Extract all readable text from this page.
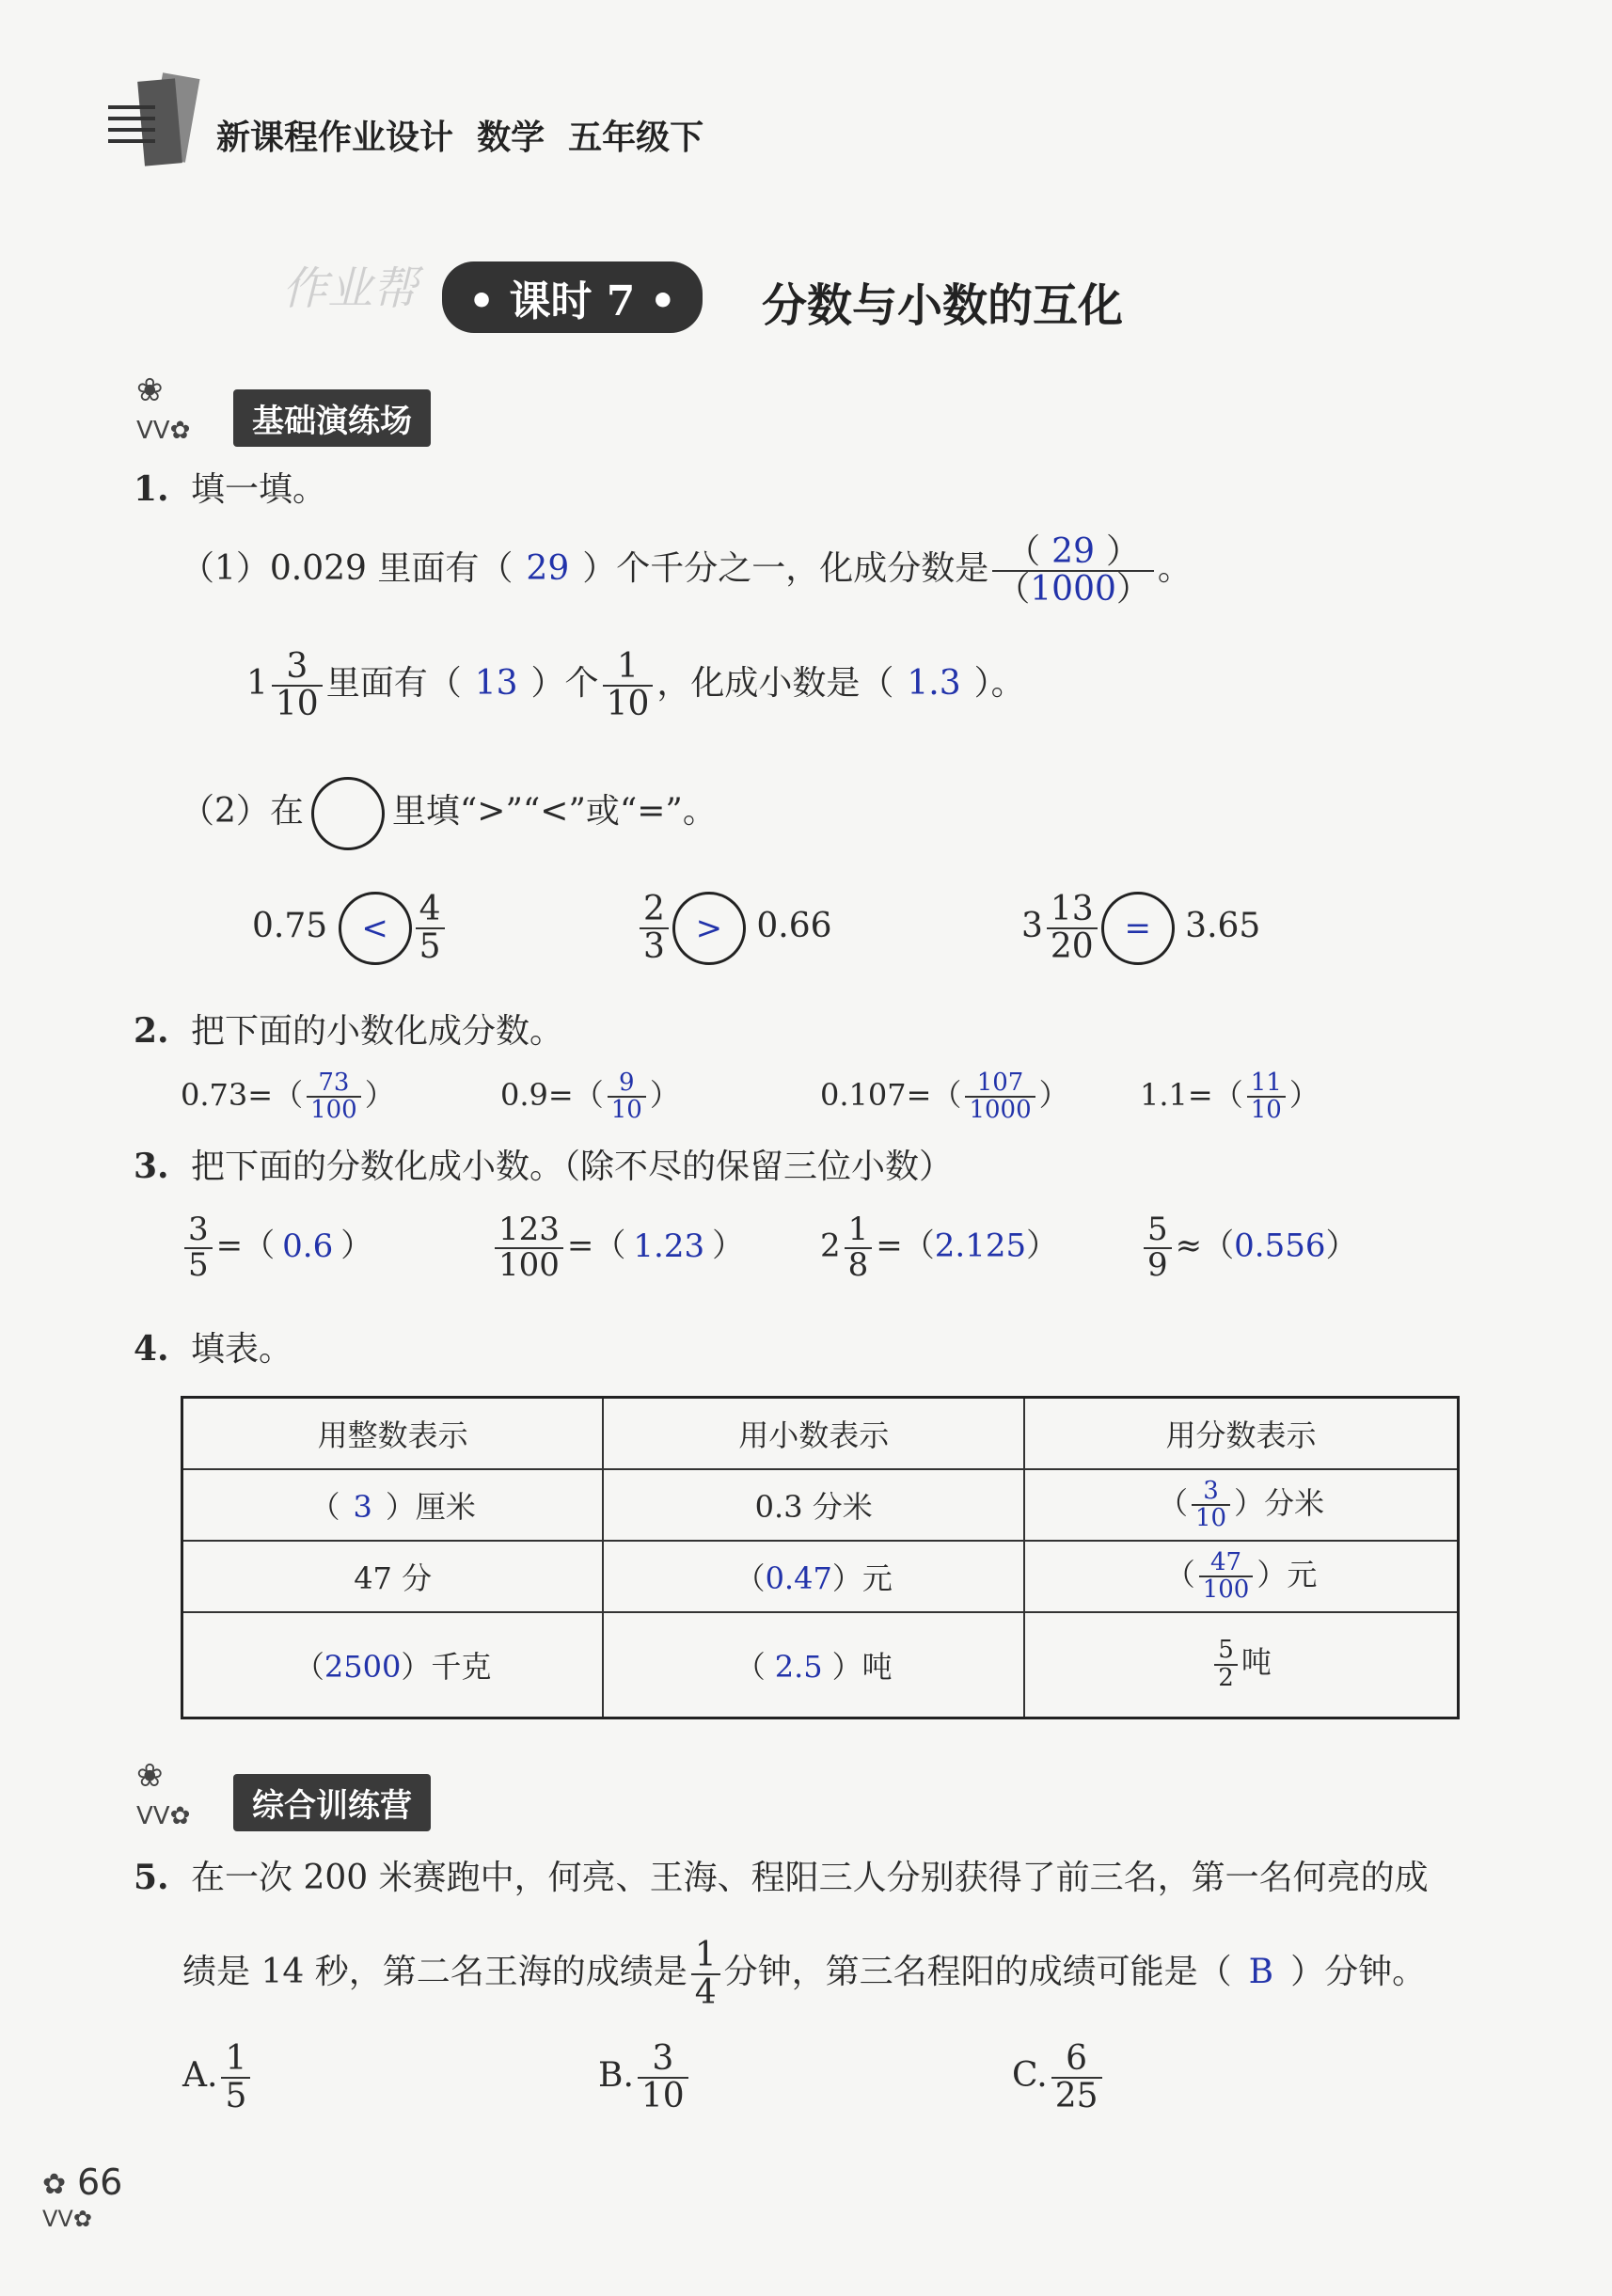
新课程作业设计  数学  五年级下
作业帮	• 课时 7 •	分数与小数的互化
❀
ᐯᐯ✿	基础演练场
1. 填一填。
（1）0.029 里面有（ 29 ）个千分之一，化成分数是 $\frac{( 29 )}{(1000)}$ 。
$1 \frac{3}{10}$ 里面有（ 13 ）个 $\frac{1}{10}$ ，化成小数是（ 1.3 ）。
（2）在	里填“>”“<”或“=”。
$0.75 < \frac{4}{5}$	$\frac{2}{3} > 0.66$	$3 \frac{13}{20} = 3.65$
2. 把下面的小数化成分数。
$0.73=( \frac{73}{100}$ ）	$0.9=( \frac{9}{10}$ ）	$0.107=( \frac{107}{1000}$ ） $1.1=( \frac{11}{10}$ ）
3. 把下面的分数化成小数。（除不尽的保留三位小数）
$\frac{3}{5}$ =（ 0.6 ）	$\frac{123}{100}$ =（ 1.23 ） $2 \frac{1}{8} =(2.125)$	$\frac{5}{9} \approx(0.556)$
4. 填表。
用整数表示	用小数表示	用分数表示
（ 3 ）厘米	0.3 分米	（ $\frac{3}{10}$ ）分米
47 分	（0.47）元	（ $\frac{47}{100}$ ）元
（2500）千克	（ 2.5 ）吨	$\frac{5}{2}$ 吨
❀
ᐯᐯ✿	综合训练营
5. 在一次 200 米赛跑中，何亮、王海、程阳三人分别获得了前三名，第一名何亮的成
绩是 14 秒，第二名王海的成绩是 $\frac{1}{4}$ 分钟，第三名程阳的成绩可能是（ B ）分钟。
A. $\frac{1}{5}$	B. $\frac{3}{10}$	C. $\frac{6}{25}$
✿
ᐯᐯ✿
66
